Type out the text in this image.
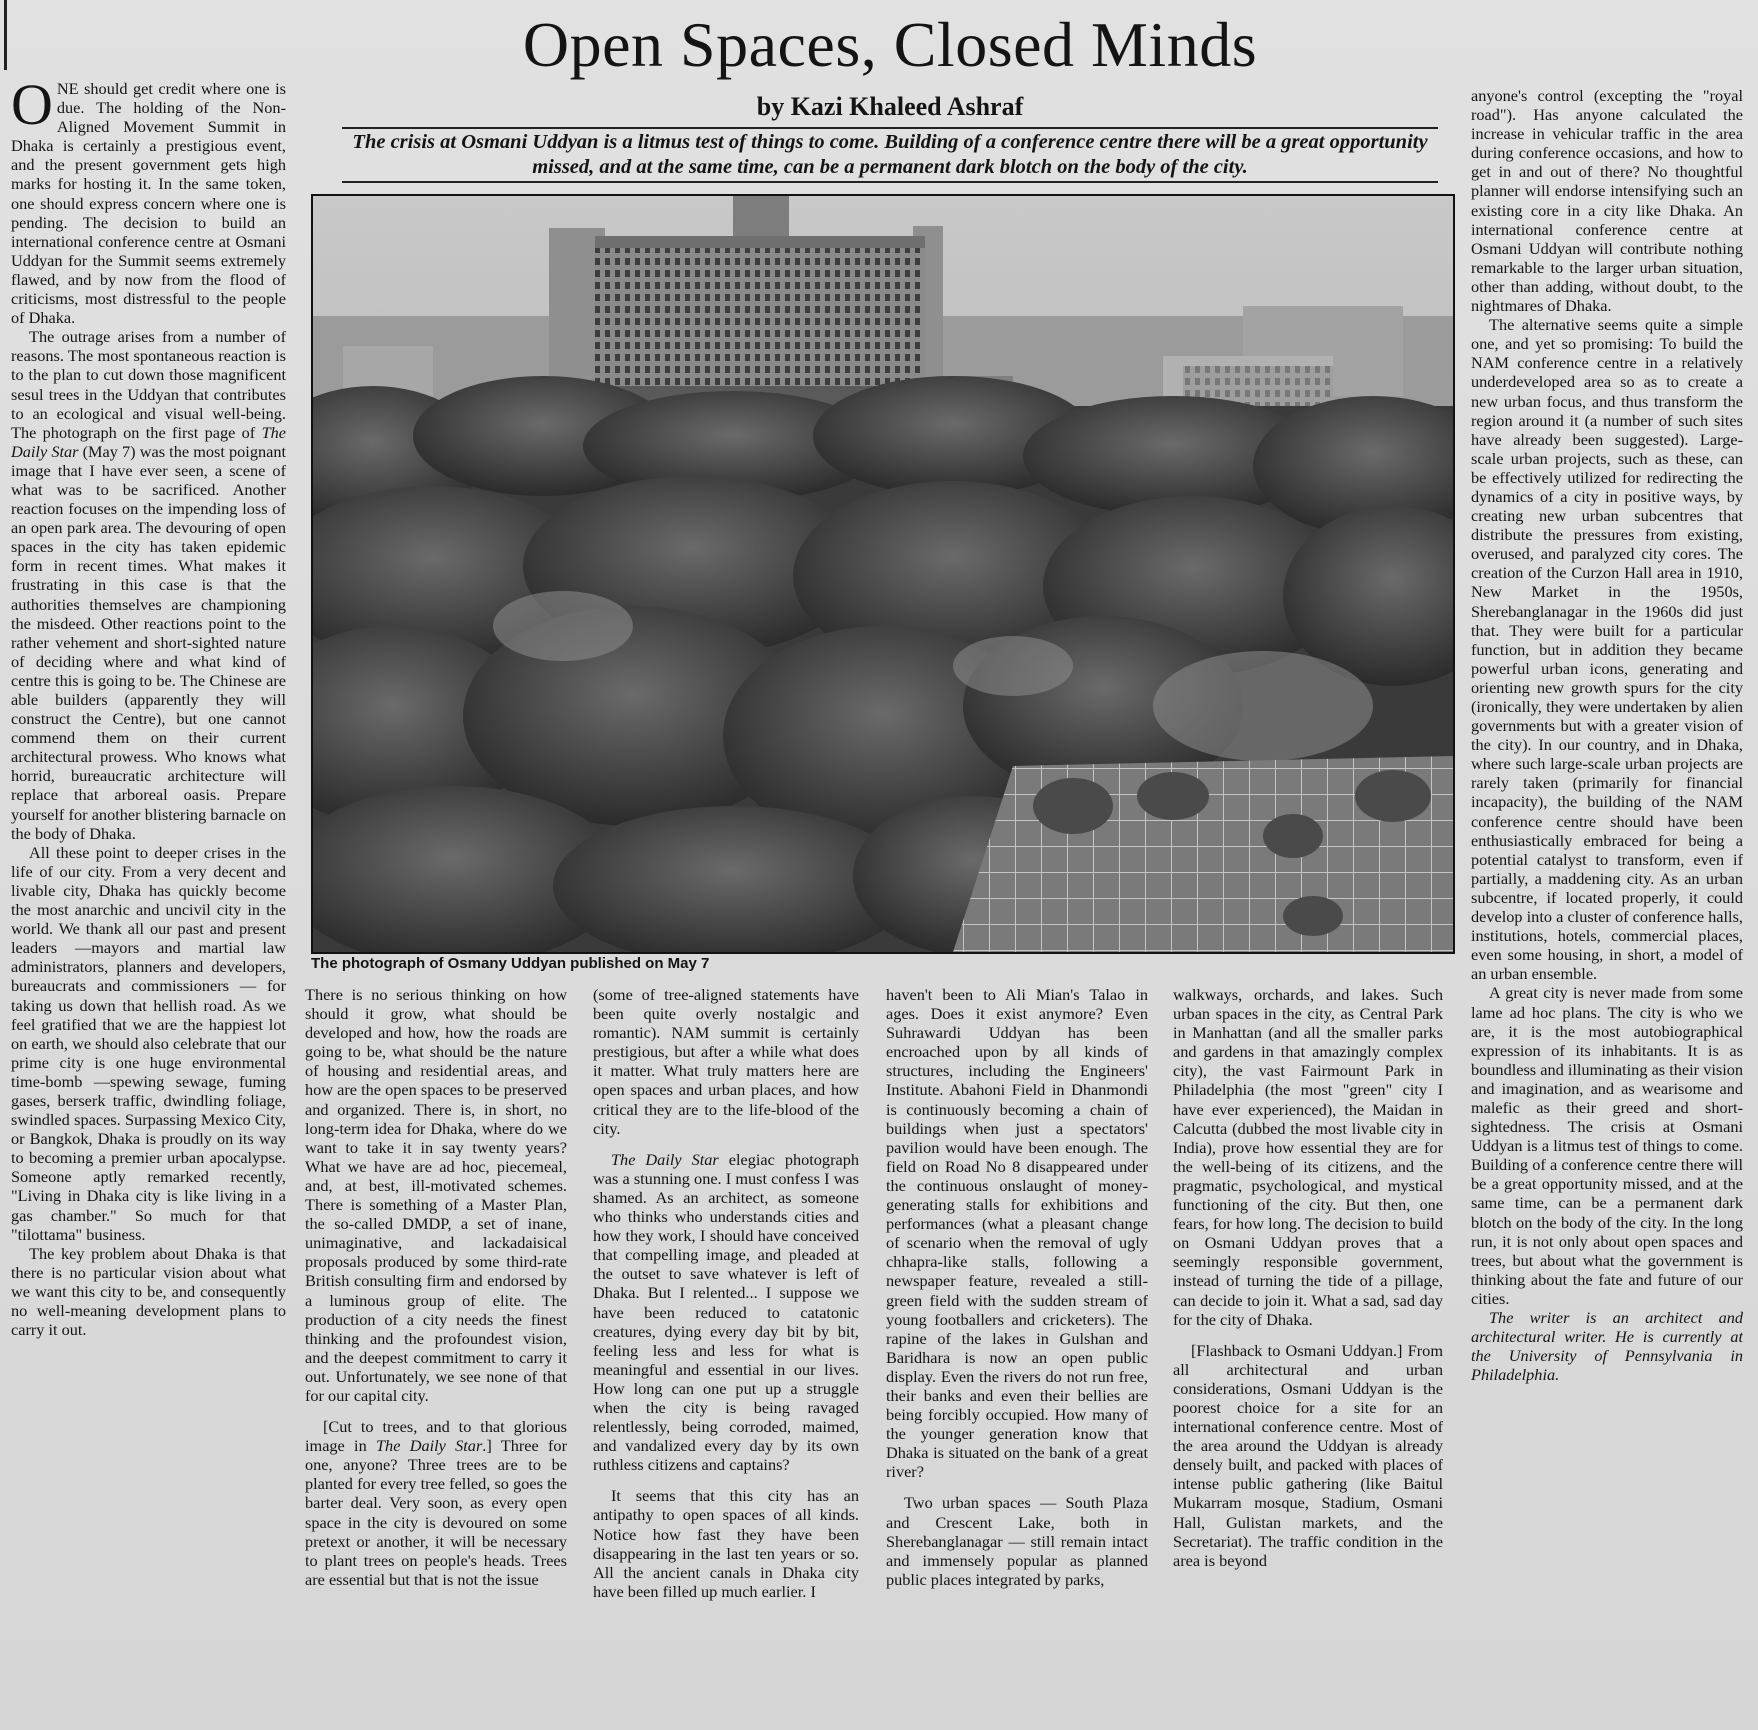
Open Spaces, Closed Minds
by Kazi Khaleed Ashraf

The crisis at Osmani Uddyan is a litmus test of things to come. Building of a conference centre there will be a great opportunity missed, and at the same time, can be a permanent dark blotch on the body of the city.

The photograph of Osmany Uddyan published on May 7

ONE should get credit where one is due. The holding of the Non-Aligned Movement Summit in Dhaka is certainly a prestigious event, and the present government gets high marks for hosting it. In the same token, one should express concern where one is pending. The decision to build an international conference centre at Osmani Uddyan for the Summit seems extremely flawed, and by now from the flood of criticisms, most distressful to the people of Dhaka.

The outrage arises from a number of reasons. The most spontaneous reaction is to the plan to cut down those magnificent sesul trees in the Uddyan that contributes to an ecological and visual well-being. The photograph on the first page of The Daily Star (May 7) was the most poignant image that I have ever seen, a scene of what was to be sacrificed. Another reaction focuses on the impending loss of an open park area. The devouring of open spaces in the city has taken epidemic form in recent times. What makes it frustrating in this case is that the authorities themselves are championing the misdeed. Other reactions point to the rather vehement and short-sighted nature of deciding where and what kind of centre this is going to be. The Chinese are able builders (apparently they will construct the Centre), but one cannot commend them on their current architectural prowess. Who knows what horrid, bureaucratic architecture will replace that arboreal oasis. Prepare yourself for another blistering barnacle on the body of Dhaka.

All these point to deeper crises in the life of our city. From a very decent and livable city, Dhaka has quickly become the most anarchic and uncivil city in the world. We thank all our past and present leaders —mayors and martial law administrators, planners and developers, bureaucrats and commissioners — for taking us down that hellish road. As we feel gratified that we are the happiest lot on earth, we should also celebrate that our prime city is one huge environmental time-bomb —spewing sewage, fuming gases, berserk traffic, dwindling foliage, swindled spaces. Surpassing Mexico City, or Bangkok, Dhaka is proudly on its way to becoming a premier urban apocalypse. Someone aptly remarked recently, "Living in Dhaka city is like living in a gas chamber." So much for that "tilottama" business.

The key problem about Dhaka is that there is no particular vision about what we want this city to be, and consequently no well-meaning development plans to carry it out.

There is no serious thinking on how should it grow, what should be developed and how, how the roads are going to be, what should be the nature of housing and residential areas, and how are the open spaces to be preserved and organized. There is, in short, no long-term idea for Dhaka, where do we want to take it in say twenty years? What we have are ad hoc, piecemeal, and, at best, ill-motivated schemes. There is something of a Master Plan, the so-called DMDP, a set of inane, unimaginative, and lackadaisical proposals produced by some third-rate British consulting firm and endorsed by a luminous group of elite. The production of a city needs the finest thinking and the profoundest vision, and the deepest commitment to carry it out. Unfortunately, we see none of that for our capital city.

[Cut to trees, and to that glorious image in The Daily Star.] Three for one, anyone? Three trees are to be planted for every tree felled, so goes the barter deal. Very soon, as every open space in the city is devoured on some pretext or another, it will be necessary to plant trees on people's heads. Trees are essential but that is not the issue

(some of tree-aligned statements have been quite overly nostalgic and romantic). NAM summit is certainly prestigious, but after a while what does it matter. What truly matters here are open spaces and urban places, and how critical they are to the life-blood of the city.

The Daily Star elegiac photograph was a stunning one. I must confess I was shamed. As an architect, as someone who thinks who understands cities and how they work, I should have conceived that compelling image, and pleaded at the outset to save whatever is left of Dhaka. But I relented... I suppose we have been reduced to catatonic creatures, dying every day bit by bit, feeling less and less for what is meaningful and essential in our lives. How long can one put up a struggle when the city is being ravaged relentlessly, being corroded, maimed, and vandalized every day by its own ruthless citizens and captains?

It seems that this city has an antipathy to open spaces of all kinds. Notice how fast they have been disappearing in the last ten years or so. All the ancient canals in Dhaka city have been filled up much earlier. I

haven't been to Ali Mian's Talao in ages. Does it exist anymore? Even Suhrawardi Uddyan has been encroached upon by all kinds of structures, including the Engineers' Institute. Abahoni Field in Dhanmondi is continuously becoming a chain of buildings when just a spectators' pavilion would have been enough. The field on Road No 8 disappeared under the continuous onslaught of money-generating stalls for exhibitions and performances (what a pleasant change of scenario when the removal of ugly chhapra-like stalls, following a newspaper feature, revealed a still-green field with the sudden stream of young footballers and cricketers). The rapine of the lakes in Gulshan and Baridhara is now an open public display. Even the rivers do not run free, their banks and even their bellies are being forcibly occupied. How many of the younger generation know that Dhaka is situated on the bank of a great river?

Two urban spaces — South Plaza and Crescent Lake, both in Sherebanglanagar — still remain intact and immensely popular as planned public places integrated by parks,

walkways, orchards, and lakes. Such urban spaces in the city, as Central Park in Manhattan (and all the smaller parks and gardens in that amazingly complex city), the vast Fairmount Park in Philadelphia (the most "green" city I have ever experienced), the Maidan in Calcutta (dubbed the most livable city in India), prove how essential they are for the well-being of its citizens, and the pragmatic, psychological, and mystical functioning of the city. But then, one fears, for how long. The decision to build on Osmani Uddyan proves that a seemingly responsible government, instead of turning the tide of a pillage, can decide to join it. What a sad, sad day for the city of Dhaka.

[Flashback to Osmani Uddyan.] From all architectural and urban considerations, Osmani Uddyan is the poorest choice for a site for an international conference centre. Most of the area around the Uddyan is already densely built, and packed with places of intense public gathering (like Baitul Mukarram mosque, Stadium, Osmani Hall, Gulistan markets, and the Secretariat). The traffic condition in the area is beyond

anyone's control (excepting the "royal road"). Has anyone calculated the increase in vehicular traffic in the area during conference occasions, and how to get in and out of there? No thoughtful planner will endorse intensifying such an existing core in a city like Dhaka. An international conference centre at Osmani Uddyan will contribute nothing remarkable to the larger urban situation, other than adding, without doubt, to the nightmares of Dhaka.

The alternative seems quite a simple one, and yet so promising: To build the NAM conference centre in a relatively underdeveloped area so as to create a new urban focus, and thus transform the region around it (a number of such sites have already been suggested). Large-scale urban projects, such as these, can be effectively utilized for redirecting the dynamics of a city in positive ways, by creating new urban subcentres that distribute the pressures from existing, overused, and paralyzed city cores. The creation of the Curzon Hall area in 1910, New Market in the 1950s, Sherebanglanagar in the 1960s did just that. They were built for a particular function, but in addition they became powerful urban icons, generating and orienting new growth spurs for the city (ironically, they were undertaken by alien governments but with a greater vision of the city). In our country, and in Dhaka, where such large-scale urban projects are rarely taken (primarily for financial incapacity), the building of the NAM conference centre should have been enthusiastically embraced for being a potential catalyst to transform, even if partially, a maddening city. As an urban subcentre, if located properly, it could develop into a cluster of conference halls, institutions, hotels, commercial places, even some housing, in short, a model of an urban ensemble.

A great city is never made from some lame ad hoc plans. The city is who we are, it is the most autobiographical expression of its inhabitants. It is as boundless and illuminating as their vision and imagination, and as wearisome and malefic as their greed and short-sightedness. The crisis at Osmani Uddyan is a litmus test of things to come. Building of a conference centre there will be a great opportunity missed, and at the same time, can be a permanent dark blotch on the body of the city. In the long run, it is not only about open spaces and trees, but about what the government is thinking about the fate and future of our cities.

The writer is an architect and architectural writer. He is currently at the University of Pennsylvania in Philadelphia.
